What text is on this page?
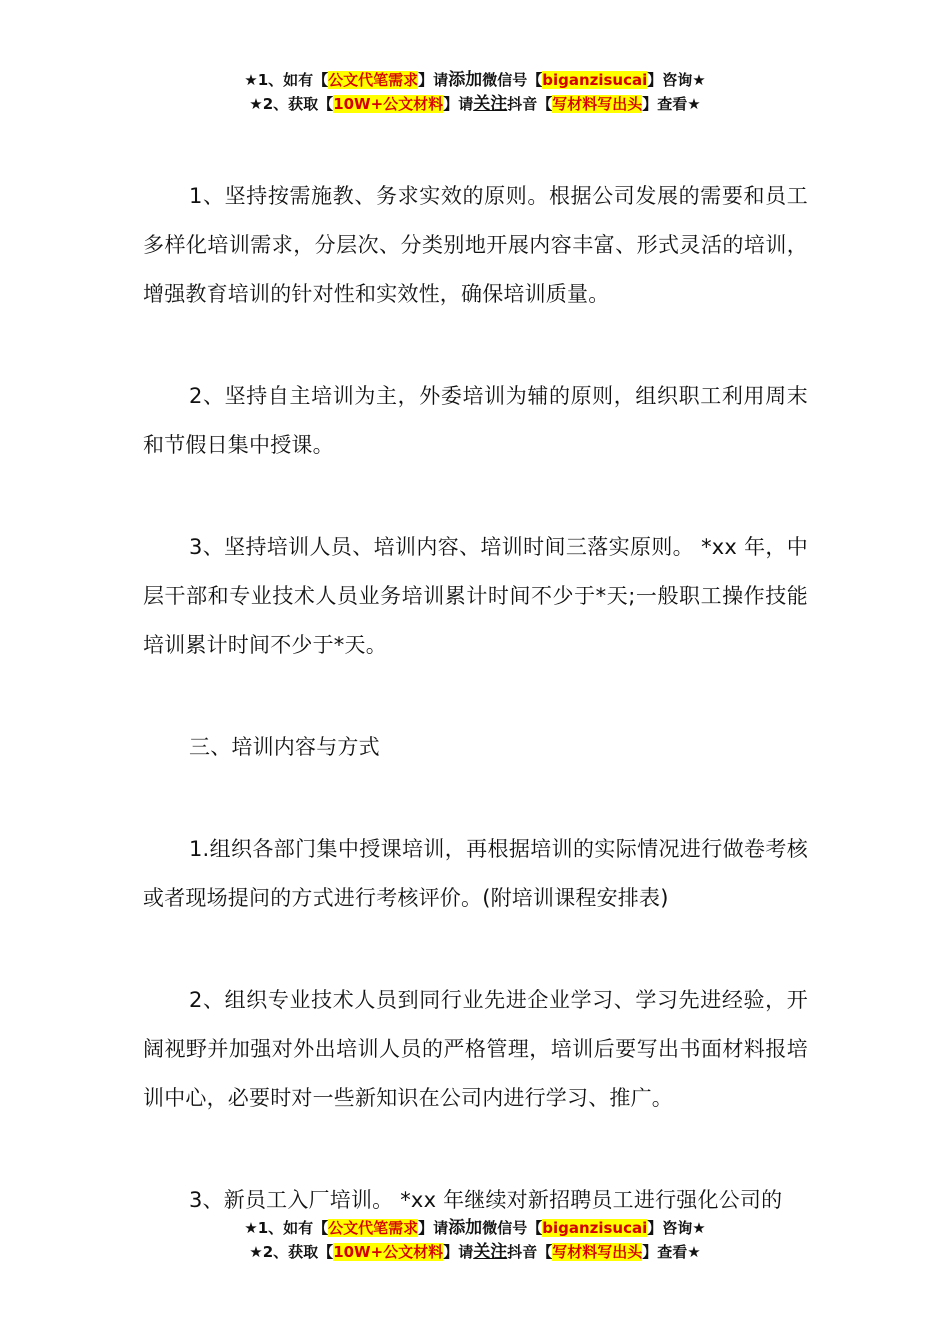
★1、如有【公文代笔需求】请添加微信号【biganzisucai】咨询★
★2、获取【10W+公文材料】请关注抖音【写材料写出头】查看★

1、坚持按需施教、务求实效的原则。根据公司发展的需要和员工多样化培训需求，分层次、分类别地开展内容丰富、形式灵活的培训，增强教育培训的针对性和实效性，确保培训质量。

2、坚持自主培训为主，外委培训为辅的原则，组织职工利用周末和节假日集中授课。

3、坚持培训人员、培训内容、培训时间三落实原则。 *xx 年，中层干部和专业技术人员业务培训累计时间不少于*天;一般职工操作技能培训累计时间不少于*天。

三、培训内容与方式

1.组织各部门集中授课培训，再根据培训的实际情况进行做卷考核或者现场提问的方式进行考核评价。(附培训课程安排表)

2、组织专业技术人员到同行业先进企业学习、学习先进经验，开阔视野并加强对外出培训人员的严格管理，培训后要写出书面材料报培训中心，必要时对一些新知识在公司内进行学习、推广。

3、新员工入厂培训。 *xx 年继续对新招聘员工进行强化公司的

★1、如有【公文代笔需求】请添加微信号【biganzisucai】咨询★
★2、获取【10W+公文材料】请关注抖音【写材料写出头】查看★
